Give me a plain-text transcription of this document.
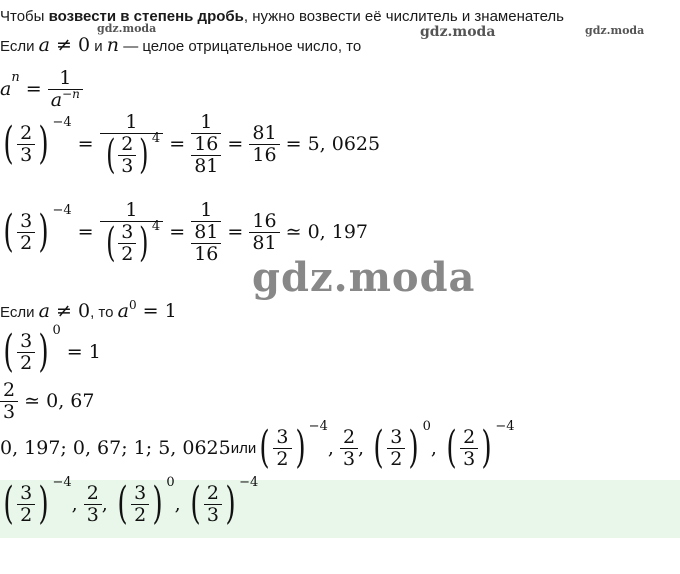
gdz.moda	gdz.moda	gdz.moda
gdz.moda
Чтобы возвести в степень дробь, нужно возвести её числитель и знаменатель
Если a ≠ 0 и n — целое отрицательное число, то
a
n
= $\frac{1}{a^{-n}}$
( $\frac{2}{3}$ ) −4
= $\frac{1}{( \frac{2}{3} ) 4} = \frac{1}{\frac{16}{81}} = \frac{81}{16}$
= 5, 0625
( $\frac{3}{2}$ ) −4
= $\frac{1}{( \frac{3}{2} ) 4} = \frac{1}{\frac{81}{16}} = \frac{16}{81}$
≃ 0, 197
Если a ≠ 0, то $a^0 = 1$
( $\frac{3}{2}$ ) 0

= 1
$\frac{2}{3}$
≃ 0, 67
0, 197; 0, 67; 1; 5, 0625 или ( $\frac{3}{2}$ ) −4
, $\frac{2}{3}$ , ( $\frac{3}{2}$ ) 0
, ( $\frac{2}{3}$ ) −4
( $\frac{3}{2}$ ) −4
, $\frac{2}{3}$ , ( $\frac{3}{2}$ ) 0
, ( $\frac{2}{3}$ ) −4
